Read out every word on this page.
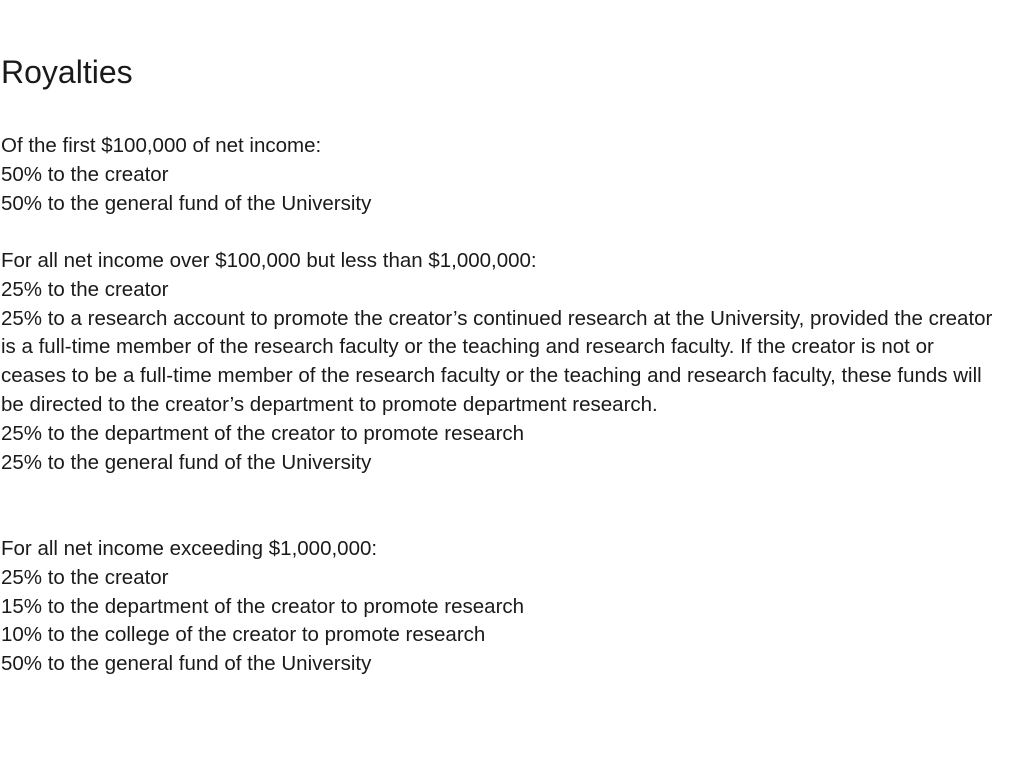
Royalties
Of the first $100,000 of net income:
50% to the creator
50% to the general fund of the University
For all net income over $100,000 but less than $1,000,000:
25% to the creator
25% to a research account to promote the creator’s continued research at the University, provided the creator is a full-time member of the research faculty or the teaching and research faculty. If the creator is not or ceases to be a full-time member of the research faculty or the teaching and research faculty, these funds will be directed to the creator’s department to promote department research.
25% to the department of the creator to promote research
25% to the general fund of the University
For all net income exceeding $1,000,000:
25% to the creator
15% to the department of the creator to promote research
10% to the college of the creator to promote research
50% to the general fund of the University
